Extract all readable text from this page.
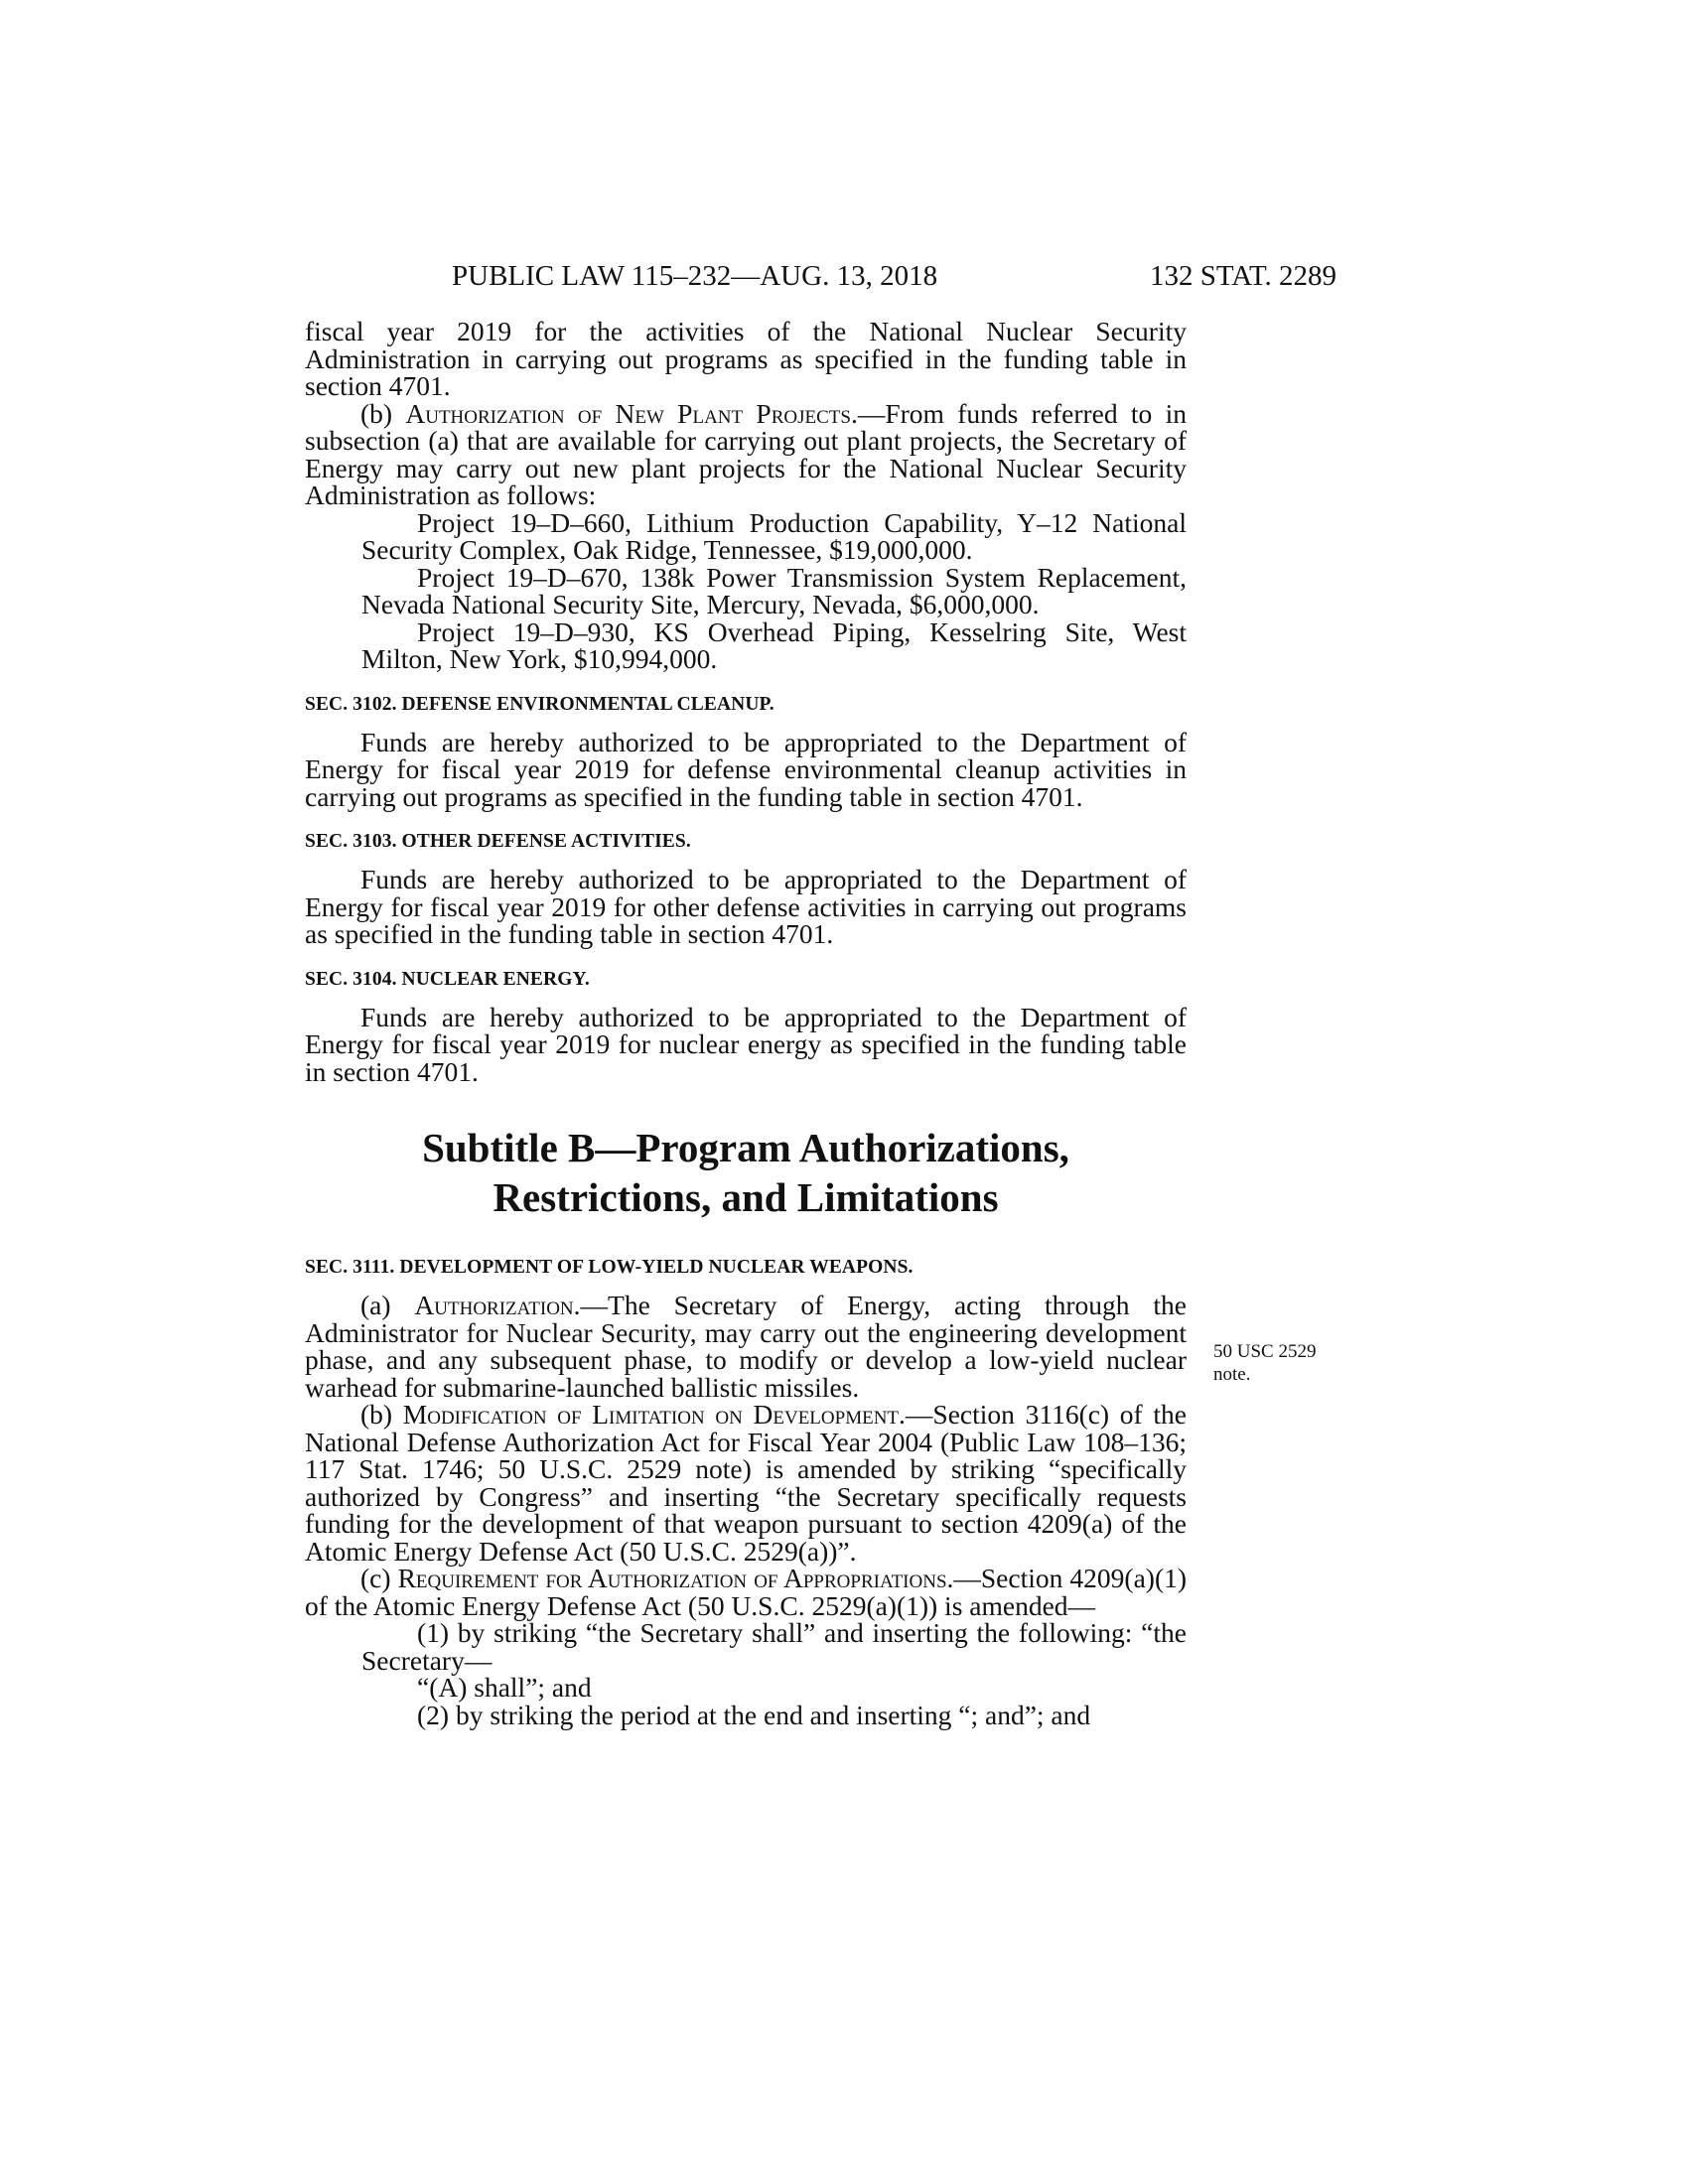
PUBLIC LAW 115–232—AUG. 13, 2018	132 STAT. 2289

fiscal year 2019 for the activities of the National Nuclear Security Administration in carrying out programs as specified in the funding table in section 4701.

(b) Authorization of New Plant Projects.—From funds referred to in subsection (a) that are available for carrying out plant projects, the Secretary of Energy may carry out new plant projects for the National Nuclear Security Administration as follows:

Project 19–D–660, Lithium Production Capability, Y–12 National Security Complex, Oak Ridge, Tennessee, $19,000,000.

Project 19–D–670, 138k Power Transmission System Replacement, Nevada National Security Site, Mercury, Nevada, $6,000,000.

Project 19–D–930, KS Overhead Piping, Kesselring Site, West Milton, New York, $10,994,000.

SEC. 3102. DEFENSE ENVIRONMENTAL CLEANUP.

Funds are hereby authorized to be appropriated to the Department of Energy for fiscal year 2019 for defense environmental cleanup activities in carrying out programs as specified in the funding table in section 4701.

SEC. 3103. OTHER DEFENSE ACTIVITIES.

Funds are hereby authorized to be appropriated to the Department of Energy for fiscal year 2019 for other defense activities in carrying out programs as specified in the funding table in section 4701.

SEC. 3104. NUCLEAR ENERGY.

Funds are hereby authorized to be appropriated to the Department of Energy for fiscal year 2019 for nuclear energy as specified in the funding table in section 4701.

Subtitle B—Program Authorizations,
Restrictions, and Limitations
SEC. 3111. DEVELOPMENT OF LOW-YIELD NUCLEAR WEAPONS.

(a) Authorization.—The Secretary of Energy, acting through the Administrator for Nuclear Security, may carry out the engineering development phase, and any subsequent phase, to modify or develop a low-yield nuclear warhead for submarine-launched ballistic missiles.

(b) Modification of Limitation on Development.—Section 3116(c) of the National Defense Authorization Act for Fiscal Year 2004 (Public Law 108–136; 117 Stat. 1746; 50 U.S.C. 2529 note) is amended by striking “specifically authorized by Congress” and inserting “the Secretary specifically requests funding for the development of that weapon pursuant to section 4209(a) of the Atomic Energy Defense Act (50 U.S.C. 2529(a))”.

(c) Requirement for Authorization of Appropriations.—Section 4209(a)(1) of the Atomic Energy Defense Act (50 U.S.C. 2529(a)(1)) is amended—

(1) by striking “the Secretary shall” and inserting the following: “the Secretary—

“(A) shall”; and

(2) by striking the period at the end and inserting “; and”; and

50 USC 2529
note.
